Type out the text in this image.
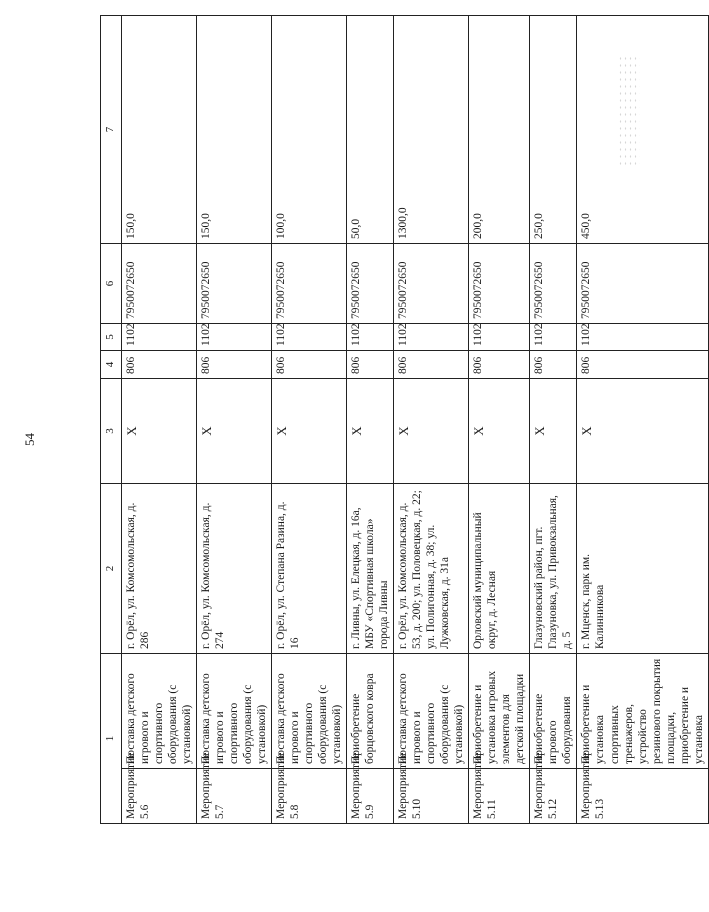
54
1		2	3	4	5	6	7
Мероприятие 5.6	Поставка детского игрового и спортивного оборудования (с установкой)	г. Орёл, ул. Комсомольская, д. 286	X	806	1102	7950072650	150,0
Мероприятие 5.7	Поставка детского игрового и спортивного оборудования (с установкой)	г. Орёл, ул. Комсомольская, д. 274	X	806	1102	7950072650	150,0
Мероприятие 5.8	Поставка детского игрового и спортивного оборудования (с установкой)	г. Орёл, ул. Степана Разина, д. 16	X	806	1102	7950072650	100,0
Мероприятие 5.9	Приобретение борцовского ковра	г. Ливны, ул. Елецкая, д. 16а, МБУ «Спортивная школа» города Ливны	X	806	1102	7950072650	50,0
Мероприятие 5.10	Поставка детского игрового и спортивного оборудования (с установкой)	г. Орёл, ул. Комсомольская, д. 53, д. 200; ул. Половецкая, д. 22; ул. Полигонная, д. 38; ул. Лужковская, д. 31а	X	806	1102	7950072650	1300,0
Мероприятие 5.11	Приобретение и установка игровых элементов для детской площадки	Орловский муниципальный округ, д. Лесная	X	806	1102	7950072650	200,0
Мероприятие 5.12	Приобретение игрового оборудования	Глазуновский район, пгт. Глазуновка, ул. Привокзальная, д. 5	X	806	1102	7950072650	250,0
Мероприятие 5.13	Приобретение и установка спортивных тренажеров, устройство резинового покрытия площадки, приобретение и установка	г. Мценск, парк им. Калинникова	X	806	1102	7950072650	450,0
